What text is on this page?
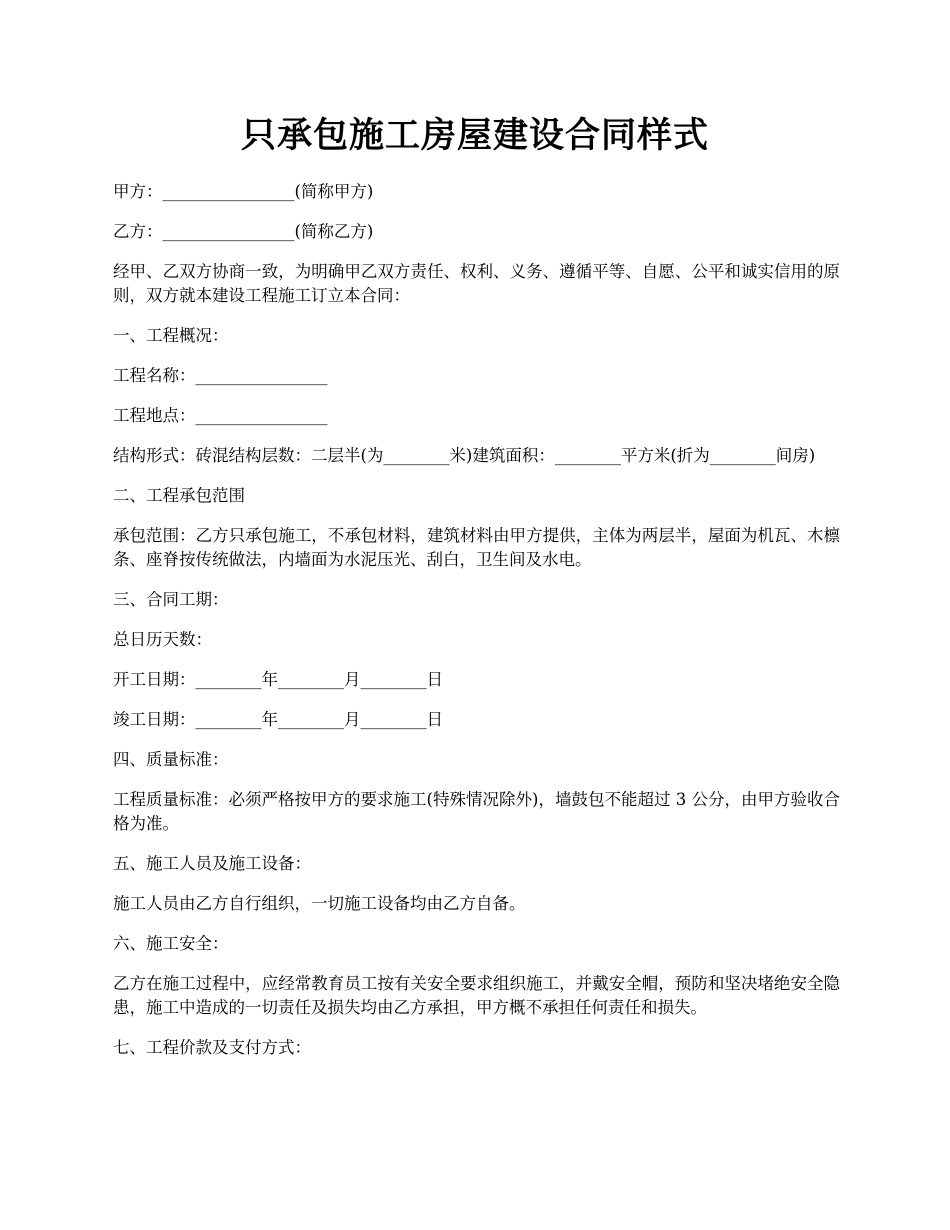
只承包施工房屋建设合同样式

甲方：________________(简称甲方)

乙方：________________(简称乙方)

经甲、乙双方协商一致，为明确甲乙双方责任、权利、义务、遵循平等、自愿、公平和诚实信用的原则，双方就本建设工程施工订立本合同：

一、工程概况：

工程名称：________________

工程地点：________________

结构形式：砖混结构层数：二层半(为________米)建筑面积：________平方米(折为________间房)

二、工程承包范围

承包范围：乙方只承包施工，不承包材料，建筑材料由甲方提供，主体为两层半，屋面为机瓦、木檩条、座脊按传统做法，内墙面为水泥压光、刮白，卫生间及水电。

三、合同工期：

总日历天数：

开工日期：________年________月________日

竣工日期：________年________月________日

四、质量标准：

工程质量标准：必须严格按甲方的要求施工(特殊情况除外)，墙鼓包不能超过 3 公分，由甲方验收合格为准。

五、施工人员及施工设备：

施工人员由乙方自行组织，一切施工设备均由乙方自备。

六、施工安全：

乙方在施工过程中，应经常教育员工按有关安全要求组织施工，并戴安全帽，预防和坚决堵绝安全隐患，施工中造成的一切责任及损失均由乙方承担，甲方概不承担任何责任和损失。

七、工程价款及支付方式：
